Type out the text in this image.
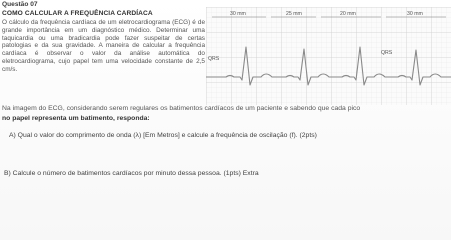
Questão 07
COMO CALCULAR A FREQUÊNCIA CARDÍACA

O cálculo da frequência cardíaca de um eletrocardiograma (ECG) é de grande importância em um diagnóstico médico. Determinar uma taquicardia ou uma bradicardia pode fazer suspeitar de certas patologias e da sua gravidade. A maneira de calcular a frequência cardíaca é observar o valor da análise automática do eletrocardiograma, cujo papel tem uma velocidade constante de 2,5 cm/s.

30 mm	25 mm	20 mm	30 mm
QRS
QRS

Na imagem do ECG, considerando serem regulares os batimentos cardíacos de um paciente e sabendo que cada pico

no papel representa um batimento, responda:

A) Qual o valor do comprimento de onda (λ) [Em Metros] e calcule a frequência de oscilação (f). (2pts)

B) Calcule o número de batimentos cardíacos por minuto dessa pessoa. (1pts) Extra
